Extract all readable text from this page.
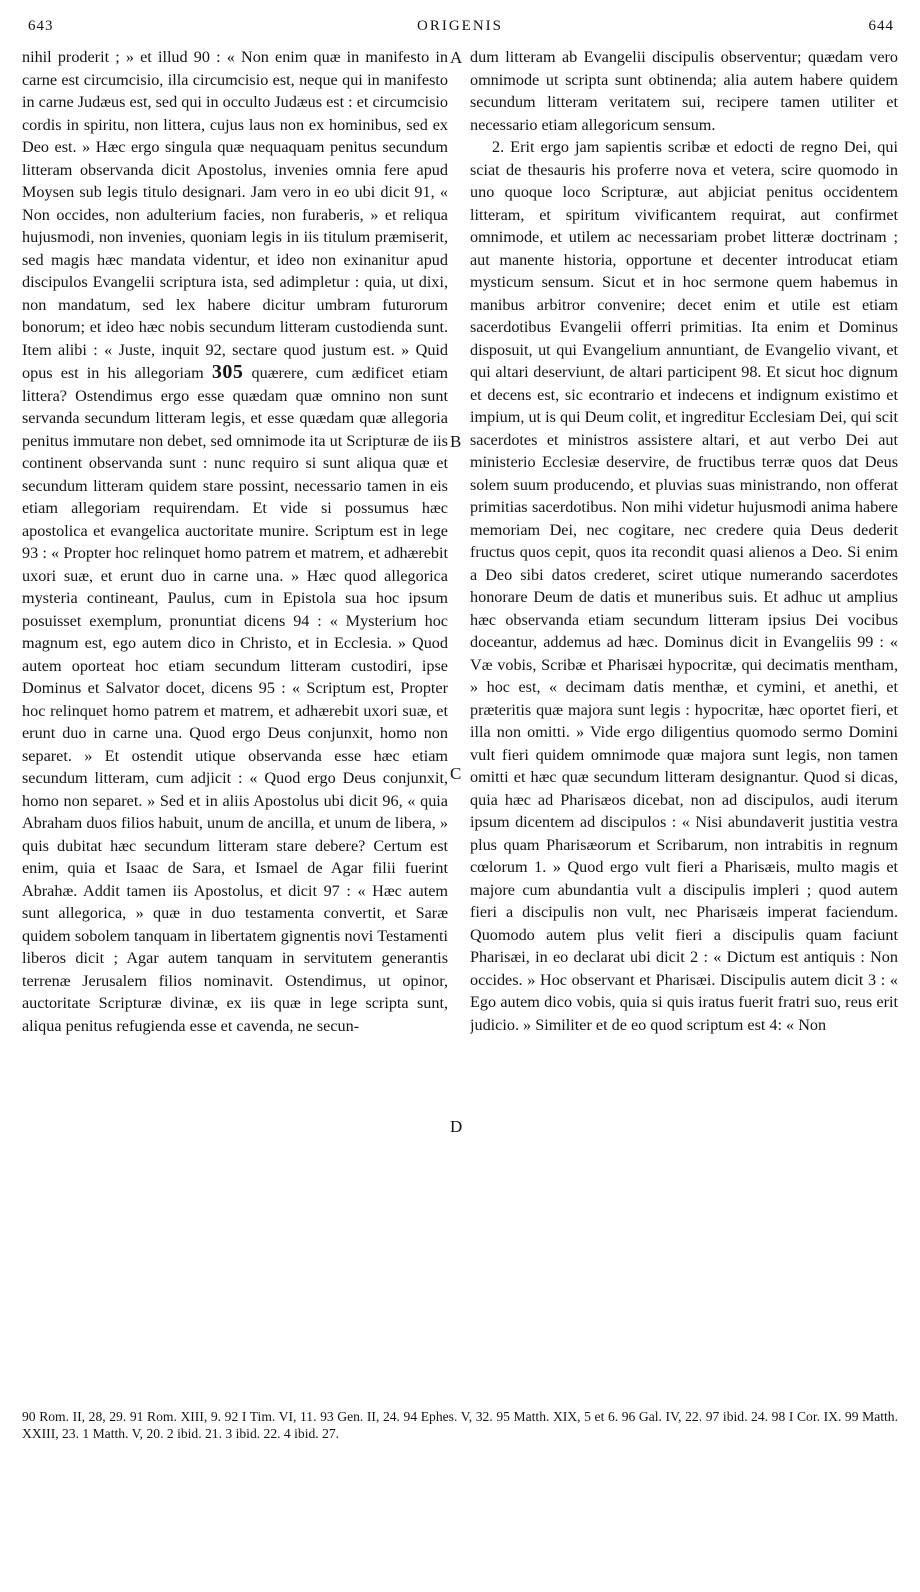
ORIGENIS
643	644

nihil proderit ; » et illud 90 : « Non enim quæ in manifesto in carne est circumcisio, illa circumcisio est, neque qui in manifesto in carne Judæus est, sed qui in occulto Judæus est : et circumcisio cordis in spiritu, non littera, cujus laus non ex hominibus, sed ex Deo est. » Hæc ergo singula quæ nequaquam penitus secundum litteram observanda dicit Apostolus, invenies omnia fere apud Moysen sub legis titulo designari. Jam vero in eo ubi dicit 91, « Non occides, non adulterium facies, non furaberis, » et reliqua hujusmodi, non invenies, quoniam legis in iis titulum præmiserit, sed magis hæc mandata videntur, et ideo non exinanitur apud discipulos Evangelii scriptura ista, sed adimpletur : quia, ut dixi, non mandatum, sed lex habere dicitur umbram futurorum bonorum; et ideo hæc nobis secundum litteram custodienda sunt. Item alibi : « Juste, inquit 92, sectare quod justum est. » Quid opus est in his allegoriam 305 quærere, cum ædificet etiam littera? Ostendimus ergo esse quædam quæ omnino non sunt servanda secundum litteram legis, et esse quædam quæ allegoria penitus immutare non debet, sed omnimode ita ut Scripturæ de iis continent observanda sunt : nunc requiro si sunt aliqua quæ et secundum litteram quidem stare possint, necessario tamen in eis etiam allegoriam requirendam. Et vide si possumus hæc apostolica et evangelica auctoritate munire. Scriptum est in lege 93 : « Propter hoc relinquet homo patrem et matrem, et adhærebit uxori suæ, et erunt duo in carne una. » Hæc quod allegorica mysteria contineant, Paulus, cum in Epistola sua hoc ipsum posuisset exemplum, pronuntiat dicens 94 : « Mysterium hoc magnum est, ego autem dico in Christo, et in Ecclesia. » Quod autem oporteat hoc etiam secundum litteram custodiri, ipse Dominus et Salvator docet, dicens 95 : « Scriptum est, Propter hoc relinquet homo patrem et matrem, et adhærebit uxori suæ, et erunt duo in carne una. Quod ergo Deus conjunxit, homo non separet. » Et ostendit utique observanda esse hæc etiam secundum litteram, cum adjicit : « Quod ergo Deus conjunxit, homo non separet. » Sed et in aliis Apostolus ubi dicit 96, « quia Abraham duos filios habuit, unum de ancilla, et unum de libera, » quis dubitat hæc secundum litteram stare debere? Certum est enim, quia et Isaac de Sara, et Ismael de Agar filii fuerint Abrahæ. Addit tamen iis Apostolus, et dicit 97 : « Hæc autem sunt allegorica, » quæ in duo testamenta convertit, et Saræ quidem sobolem tanquam in libertatem gignentis novi Testamenti liberos dicit ; Agar autem tanquam in servitutem generantis terrenæ Jerusalem filios nominavit. Ostendimus, ut opinor, auctoritate Scripturæ divinæ, ex iis quæ in lege scripta sunt, aliqua penitus refugienda esse et cavenda, ne secun-

A
B
C
D

dum litteram ab Evangelii discipulis observentur; quædam vero omnimode ut scripta sunt obtinenda; alia autem habere quidem secundum litteram veritatem sui, recipere tamen utiliter et necessario etiam allegoricum sensum.

2. Erit ergo jam sapientis scribæ et edocti de regno Dei, qui sciat de thesauris his proferre nova et vetera, scire quomodo in uno quoque loco Scripturæ, aut abjiciat penitus occidentem litteram, et spiritum vivificantem requirat, aut confirmet omnimode, et utilem ac necessariam probet litteræ doctrinam ; aut manente historia, opportune et decenter introducat etiam mysticum sensum. Sicut et in hoc sermone quem habemus in manibus arbitror convenire; decet enim et utile est etiam sacerdotibus Evangelii offerri primitias. Ita enim et Dominus disposuit, ut qui Evangelium annuntiant, de Evangelio vivant, et qui altari deserviunt, de altari participent 98. Et sicut hoc dignum et decens est, sic econtrario et indecens et indignum existimo et impium, ut is qui Deum colit, et ingreditur Ecclesiam Dei, qui scit sacerdotes et ministros assistere altari, et aut verbo Dei aut ministerio Ecclesiæ deservire, de fructibus terræ quos dat Deus solem suum producendo, et pluvias suas ministrando, non offerat primitias sacerdotibus. Non mihi videtur hujusmodi anima habere memoriam Dei, nec cogitare, nec credere quia Deus dederit fructus quos cepit, quos ita recondit quasi alienos a Deo. Si enim a Deo sibi datos crederet, sciret utique numerando sacerdotes honorare Deum de datis et muneribus suis. Et adhuc ut amplius hæc observanda etiam secundum litteram ipsius Dei vocibus doceantur, addemus ad hæc. Dominus dicit in Evangeliis 99 : « Væ vobis, Scribæ et Pharisæi hypocritæ, qui decimatis mentham, » hoc est, « decimam datis menthæ, et cymini, et anethi, et præteritis quæ majora sunt legis : hypocritæ, hæc oportet fieri, et illa non omitti. » Vide ergo diligentius quomodo sermo Domini vult fieri quidem omnimode quæ majora sunt legis, non tamen omitti et hæc quæ secundum litteram designantur. Quod si dicas, quia hæc ad Pharisæos dicebat, non ad discipulos, audi iterum ipsum dicentem ad discipulos : « Nisi abundaverit justitia vestra plus quam Pharisæorum et Scribarum, non intrabitis in regnum cœlorum 1. » Quod ergo vult fieri a Pharisæis, multo magis et majore cum abundantia vult a discipulis impleri ; quod autem fieri a discipulis non vult, nec Pharisæis imperat faciendum. Quomodo autem plus velit fieri a discipulis quam faciunt Pharisæi, in eo declarat ubi dicit 2 : « Dictum est antiquis : Non occides. » Hoc observant et Pharisæi. Discipulis autem dicit 3 : « Ego autem dico vobis, quia si quis iratus fuerit fratri suo, reus erit judicio. » Similiter et de eo quod scriptum est 4: « Non

90 Rom. II, 28, 29. 91 Rom. XIII, 9. 92 I Tim. VI, 11. 93 Gen. II, 24. 94 Ephes. V, 32. 95 Matth. XIX, 5 et 6. 96 Gal. IV, 22. 97 ibid. 24. 98 I Cor. IX. 99 Matth. XXIII, 23. 1 Matth. V, 20. 2 ibid. 21. 3 ibid. 22. 4 ibid. 27.
